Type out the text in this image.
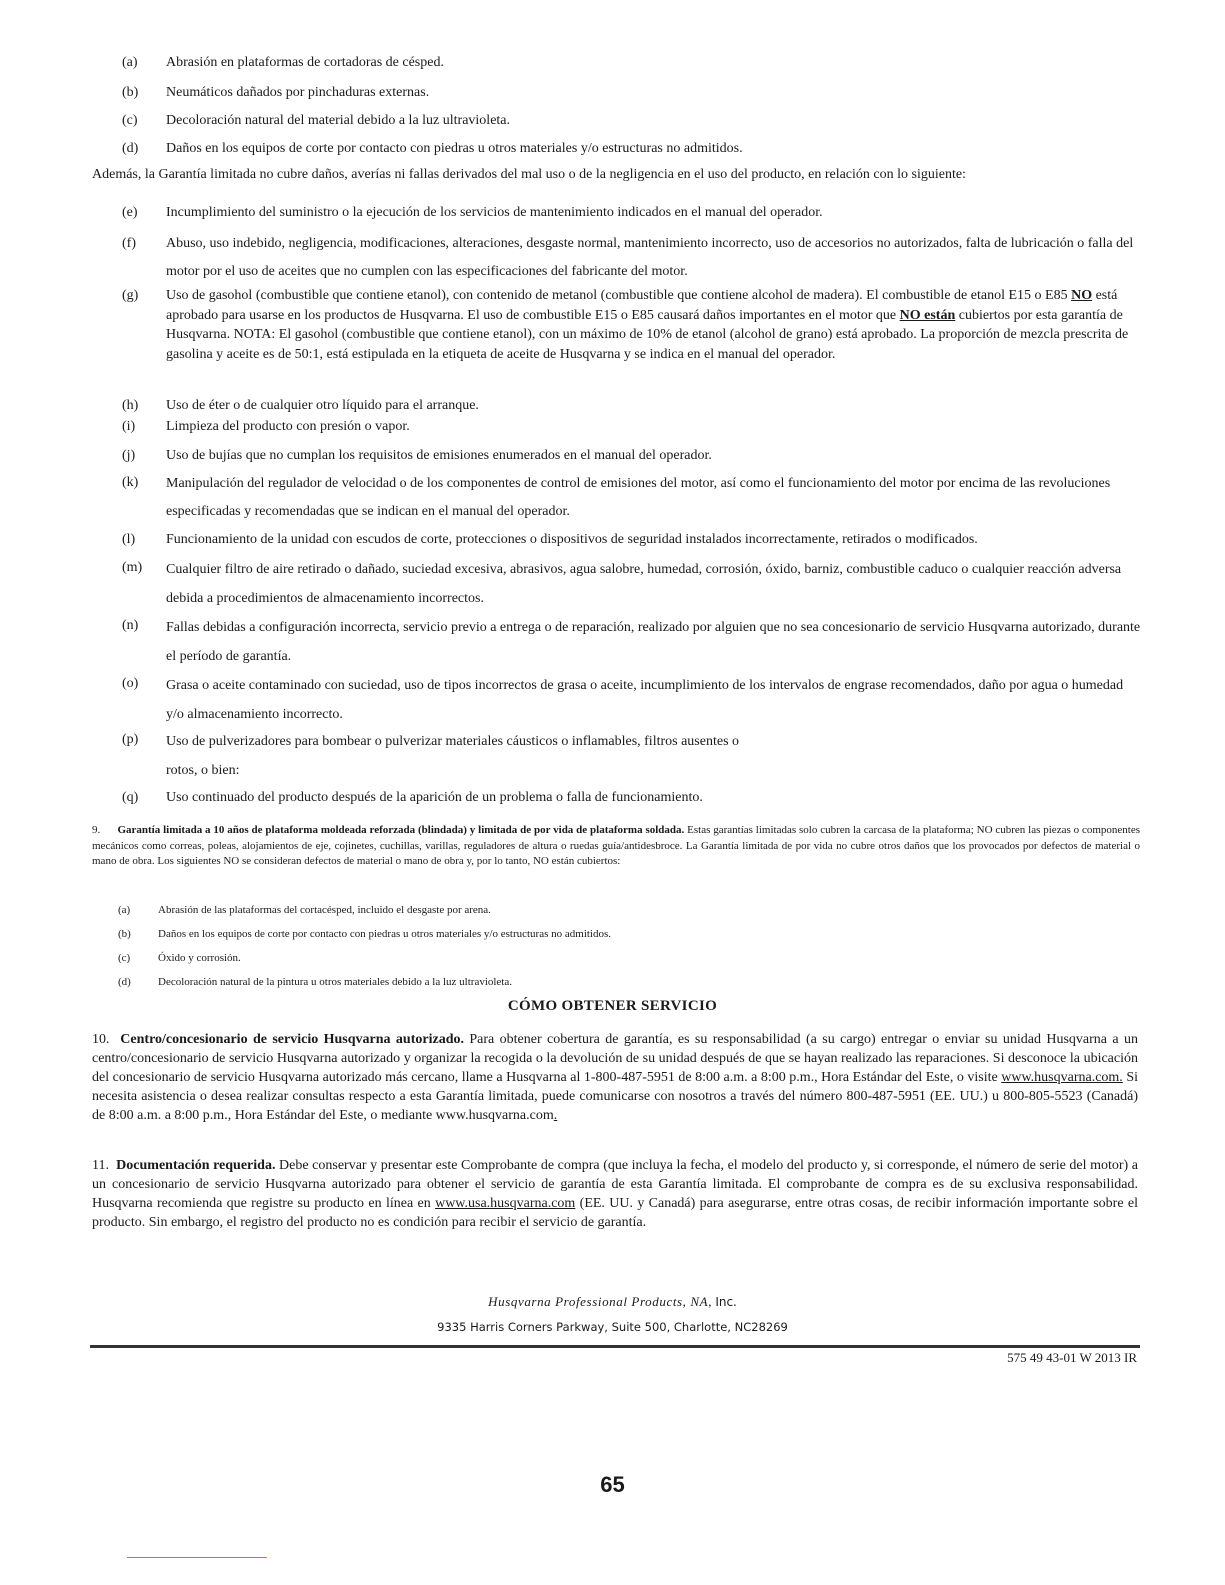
(a) Abrasión en plataformas de cortadoras de césped.
(b) Neumáticos dañados por pinchaduras externas.
(c) Decoloración natural del material debido a la luz ultravioleta.
(d) Daños en los equipos de corte por contacto con piedras u otros materiales y/o estructuras no admitidos.
Además, la Garantía limitada no cubre daños, averías ni fallas derivados del mal uso o de la negligencia en el uso del producto, en relación con lo siguiente:
(e) Incumplimiento del suministro o la ejecución de los servicios de mantenimiento indicados en el manual del operador.
(f) Abuso, uso indebido, negligencia, modificaciones, alteraciones, desgaste normal, mantenimiento incorrecto, uso de accesorios no autorizados, falta de lubricación o falla del motor por el uso de aceites que no cumplen con las especificaciones del fabricante del motor.
(g) Uso de gasohol (combustible que contiene etanol), con contenido de metanol (combustible que contiene alcohol de madera). El combustible de etanol E15 o E85 NO está aprobado para usarse en los productos de Husqvarna. El uso de combustible E15 o E85 causará daños importantes en el motor que NO están cubiertos por esta garantía de Husqvarna. NOTA: El gasohol (combustible que contiene etanol), con un máximo de 10% de etanol (alcohol de grano) está aprobado. La proporción de mezcla prescrita de gasolina y aceite es de 50:1, está estipulada en la etiqueta de aceite de Husqvarna y se indica en el manual del operador.
(h) Uso de éter o de cualquier otro líquido para el arranque.
(i) Limpieza del producto con presión o vapor.
(j) Uso de bujías que no cumplan los requisitos de emisiones enumerados en el manual del operador.
(k) Manipulación del regulador de velocidad o de los componentes de control de emisiones del motor, así como el funcionamiento del motor por encima de las revoluciones especificadas y recomendadas que se indican en el manual del operador.
(l) Funcionamiento de la unidad con escudos de corte, protecciones o dispositivos de seguridad instalados incorrectamente, retirados o modificados.
(m) Cualquier filtro de aire retirado o dañado, suciedad excesiva, abrasivos, agua salobre, humedad, corrosión, óxido, barniz, combustible caduco o cualquier reacción adversa debida a procedimientos de almacenamiento incorrectos.
(n) Fallas debidas a configuración incorrecta, servicio previo a entrega o de reparación, realizado por alguien que no sea concesionario de servicio Husqvarna autorizado, durante el período de garantía.
(o) Grasa o aceite contaminado con suciedad, uso de tipos incorrectos de grasa o aceite, incumplimiento de los intervalos de engrase recomendados, daño por agua o humedad y/o almacenamiento incorrecto.
(p) Uso de pulverizadores para bombear o pulverizar materiales cáusticos o inflamables, filtros ausentes o
rotos, o bien:
(q) Uso continuado del producto después de la aparición de un problema o falla de funcionamiento.
9. Garantía limitada a 10 años de plataforma moldeada reforzada (blindada) y limitada de por vida de plataforma soldada. Estas garantías limitadas solo cubren la carcasa de la plataforma; NO cubren las piezas o componentes mecánicos como correas, poleas, alojamientos de eje, cojinetes, cuchillas, varillas, reguladores de altura o ruedas guía/antidesbroce. La Garantía limitada de por vida no cubre otros daños que los provocados por defectos de material o mano de obra. Los siguientes NO se consideran defectos de material o mano de obra y, por lo tanto, NO están cubiertos:
(a)	Abrasión de las plataformas del cortacésped, incluido el desgaste por arena.
(b) Daños en los equipos de corte por contacto con piedras u otros materiales y/o estructuras no admitidos.
(c)	Óxido y corrosión.
(d) Decoloración natural de la pintura u otros materiales debido a la luz ultravioleta.
CÓMO OBTENER SERVICIO
10. Centro/concesionario de servicio Husqvarna autorizado. Para obtener cobertura de garantía, es su responsabilidad (a su cargo) entregar o enviar su unidad Husqvarna a un centro/concesionario de servicio Husqvarna autorizado y organizar la recogida o la devolución de su unidad después de que se hayan realizado las reparaciones. Si desconoce la ubicación del concesionario de servicio Husqvarna autorizado más cercano, llame a Husqvarna al 1-800-487-5951 de 8:00 a.m. a 8:00 p.m., Hora Estándar del Este, o visite www.husqvarna.com. Si necesita asistencia o desea realizar consultas respecto a esta Garantía limitada, puede comunicarse con nosotros a través del número 800-487-5951 (EE. UU.) u 800-805-5523 (Canadá) de 8:00 a.m. a 8:00 p.m., Hora Estándar del Este, o mediante www.husqvarna.com.
11. Documentación requerida. Debe conservar y presentar este Comprobante de compra (que incluya la fecha, el modelo del producto y, si corresponde, el número de serie del motor) a un concesionario de servicio Husqvarna autorizado para obtener el servicio de garantía de esta Garantía limitada. El comprobante de compra es de su exclusiva responsabilidad. Husqvarna recomienda que registre su producto en línea en www.usa.husqvarna.com (EE. UU. y Canadá) para asegurarse, entre otras cosas, de recibir información importante sobre el producto. Sin embargo, el registro del producto no es condición para recibir el servicio de garantía.
Husqvarna Professional Products, NA, Inc.
9335 Harris Corners Parkway, Suite 500, Charlotte, NC28269
575 49 43-01 W 2013 IR
65
